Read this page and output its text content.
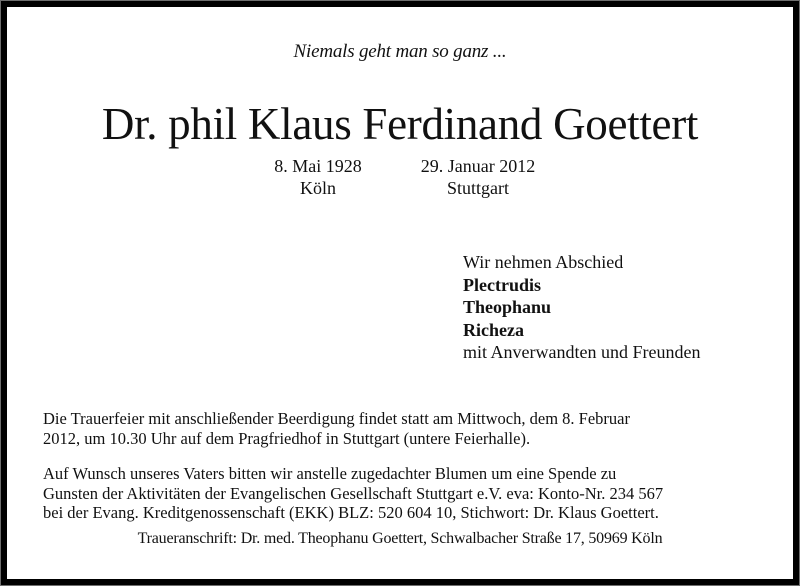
Niemals geht man so ganz ...
Dr. phil Klaus Ferdinand Goettert
8. Mai 1928
Köln
29. Januar 2012
Stuttgart
Wir nehmen Abschied
Plectrudis
Theophanu
Richeza
mit Anverwandten und Freunden
Die Trauerfeier mit anschließender Beerdigung findet statt am Mittwoch, dem 8. Februar
2012, um 10.30 Uhr auf dem Pragfriedhof in Stuttgart (untere Feierhalle).
Auf Wunsch unseres Vaters bitten wir anstelle zugedachter Blumen um eine Spende zu
Gunsten der Aktivitäten der Evangelischen Gesellschaft Stuttgart e.V. eva: Konto-Nr. 234 567
bei der Evang. Kreditgenossenschaft (EKK) BLZ: 520 604 10, Stichwort: Dr. Klaus Goettert.
Traueranschrift: Dr. med. Theophanu Goettert, Schwalbacher Straße 17, 50969 Köln
